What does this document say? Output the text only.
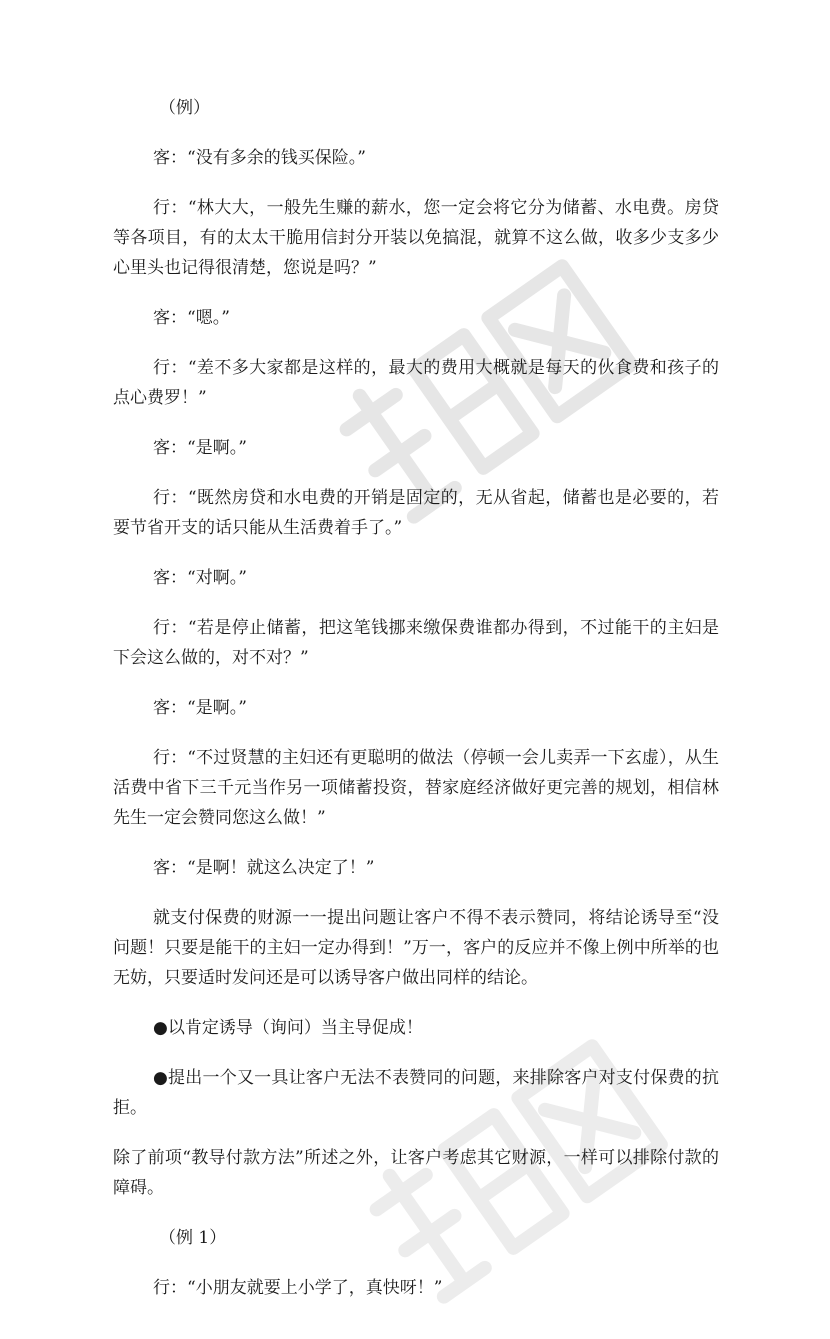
（例）

客：“没有多余的钱买保险。”

行：“林大大，一般先生赚的薪水，您一定会将它分为储蓄、水电费。房贷等各项目，有的太太干脆用信封分开装以免搞混，就算不这么做，收多少支多少心里头也记得很清楚，您说是吗？”

客：“嗯。”

行：“差不多大家都是这样的，最大的费用大概就是每天的伙食费和孩子的点心费罗！”

客：“是啊。”

行：“既然房贷和水电费的开销是固定的，无从省起，储蓄也是必要的，若要节省开支的话只能从生活费着手了。”

客：“对啊。”

行：“若是停止储蓄，把这笔钱挪来缴保费谁都办得到，不过能干的主妇是下会这么做的，对不对？”

客：“是啊。”

行：“不过贤慧的主妇还有更聪明的做法（停顿一会儿卖弄一下玄虚），从生活费中省下三千元当作另一项储蓄投资，替家庭经济做好更完善的规划，相信林先生一定会赞同您这么做！”

客：“是啊！就这么决定了！”

就支付保费的财源一一提出问题让客户不得不表示赞同，将结论诱导至“没问题！只要是能干的主妇一定办得到！”万一，客户的反应并不像上例中所举的也无妨，只要适时发问还是可以诱导客户做出同样的结论。

●以肯定诱导（询问）当主导促成！

●提出一个又一具让客户无法不表赞同的问题，来排除客户对支付保费的抗拒。

除了前项“教导付款方法”所述之外，让客户考虑其它财源，一样可以排除付款的障碍。

（例 1）

行：“小朋友就要上小学了，真快呀！”
